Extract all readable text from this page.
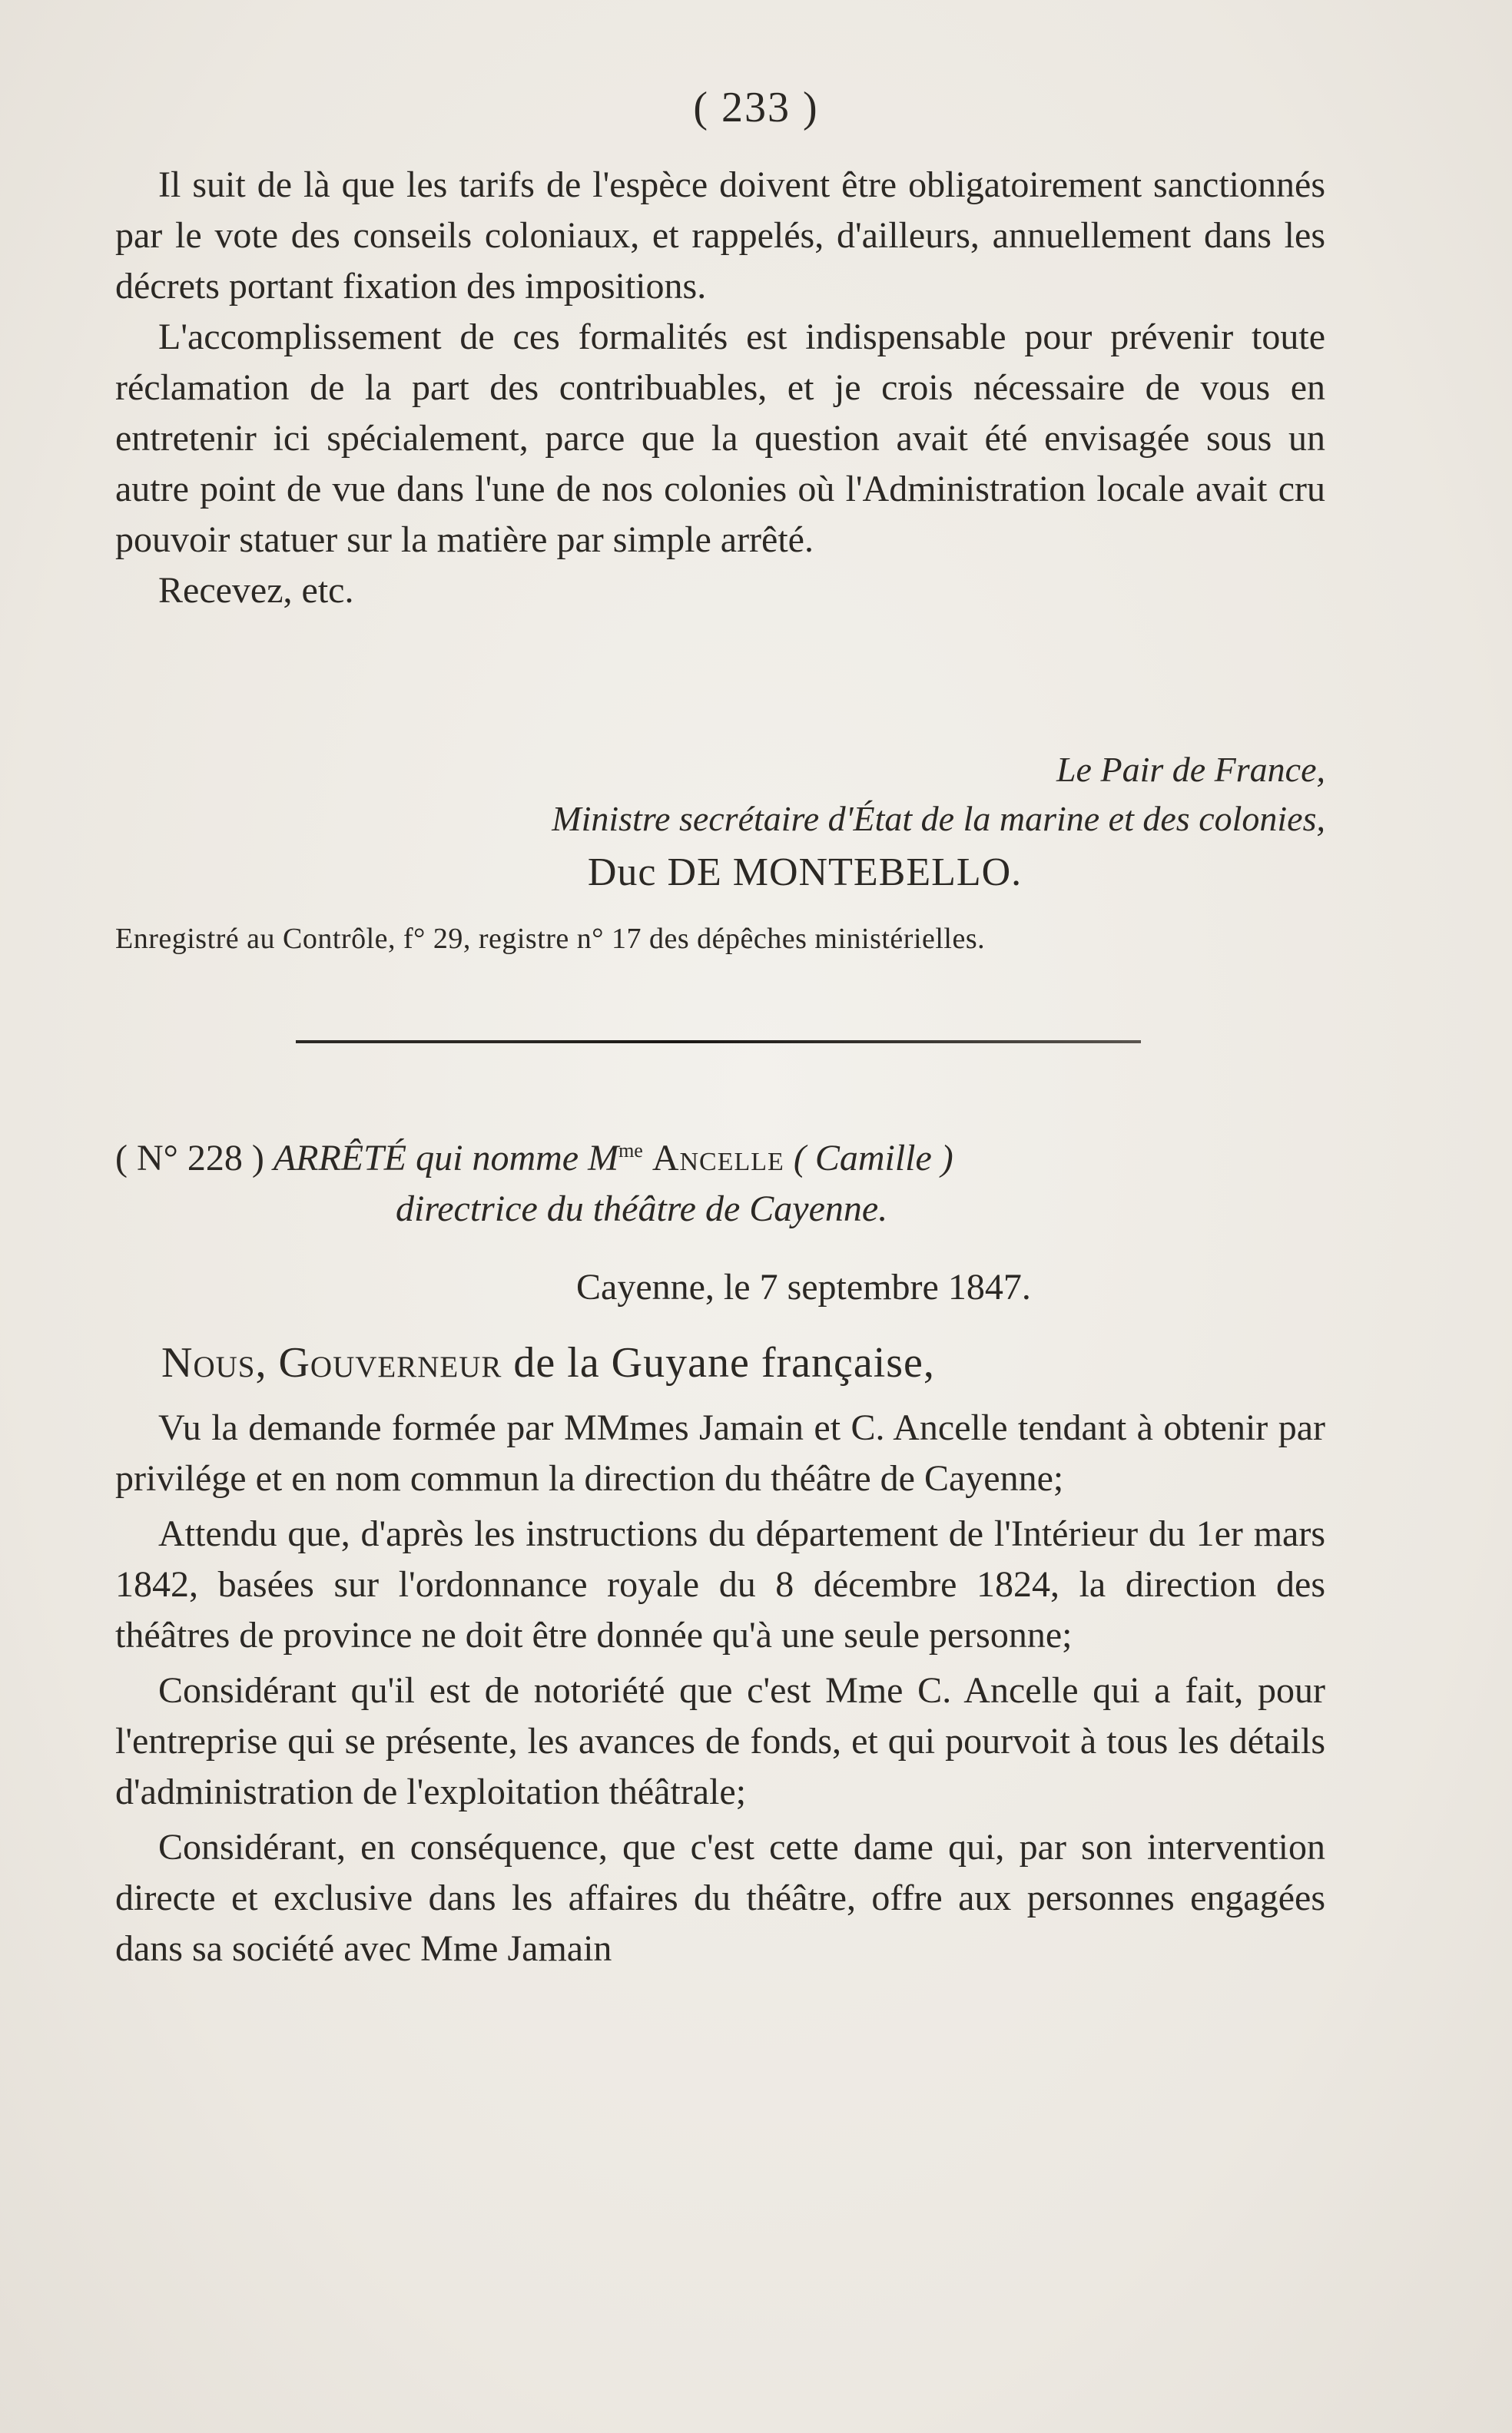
( 233 )

Il suit de là que les tarifs de l'espèce doivent être obligatoirement sanctionnés par le vote des conseils coloniaux, et rappelés, d'ailleurs, annuellement dans les décrets portant fixation des impositions.

L'accomplissement de ces formalités est indispensable pour prévenir toute réclamation de la part des contribuables, et je crois nécessaire de vous en entretenir ici spécialement, parce que la question avait été envisagée sous un autre point de vue dans l'une de nos colonies où l'Administration locale avait cru pouvoir statuer sur la matière par simple arrêté.

Recevez, etc.

Le Pair de France,
Ministre secrétaire d'État de la marine et des colonies,
Duc DE MONTEBELLO.
Enregistré au Contrôle, f° 29, registre n° 17 des dépêches ministérielles.
( N° 228 ) ARRÊTÉ qui nomme $M^{me}$ Ancelle ( Camille )
directrice du théâtre de Cayenne.
Cayenne, le 7 septembre 1847.
Nous, Gouverneur de la Guyane française,

Vu la demande formée par MMmes Jamain et C. Ancelle tendant à obtenir par privilége et en nom commun la direction du théâtre de Cayenne;

Attendu que, d'après les instructions du département de l'Intérieur du 1er mars 1842, basées sur l'ordonnance royale du 8 décembre 1824, la direction des théâtres de province ne doit être donnée qu'à une seule personne;

Considérant qu'il est de notoriété que c'est Mme C. Ancelle qui a fait, pour l'entreprise qui se présente, les avances de fonds, et qui pourvoit à tous les détails d'administration de l'exploitation théâtrale;

Considérant, en conséquence, que c'est cette dame qui, par son intervention directe et exclusive dans les affaires du théâtre, offre aux personnes engagées dans sa société avec Mme Jamain
